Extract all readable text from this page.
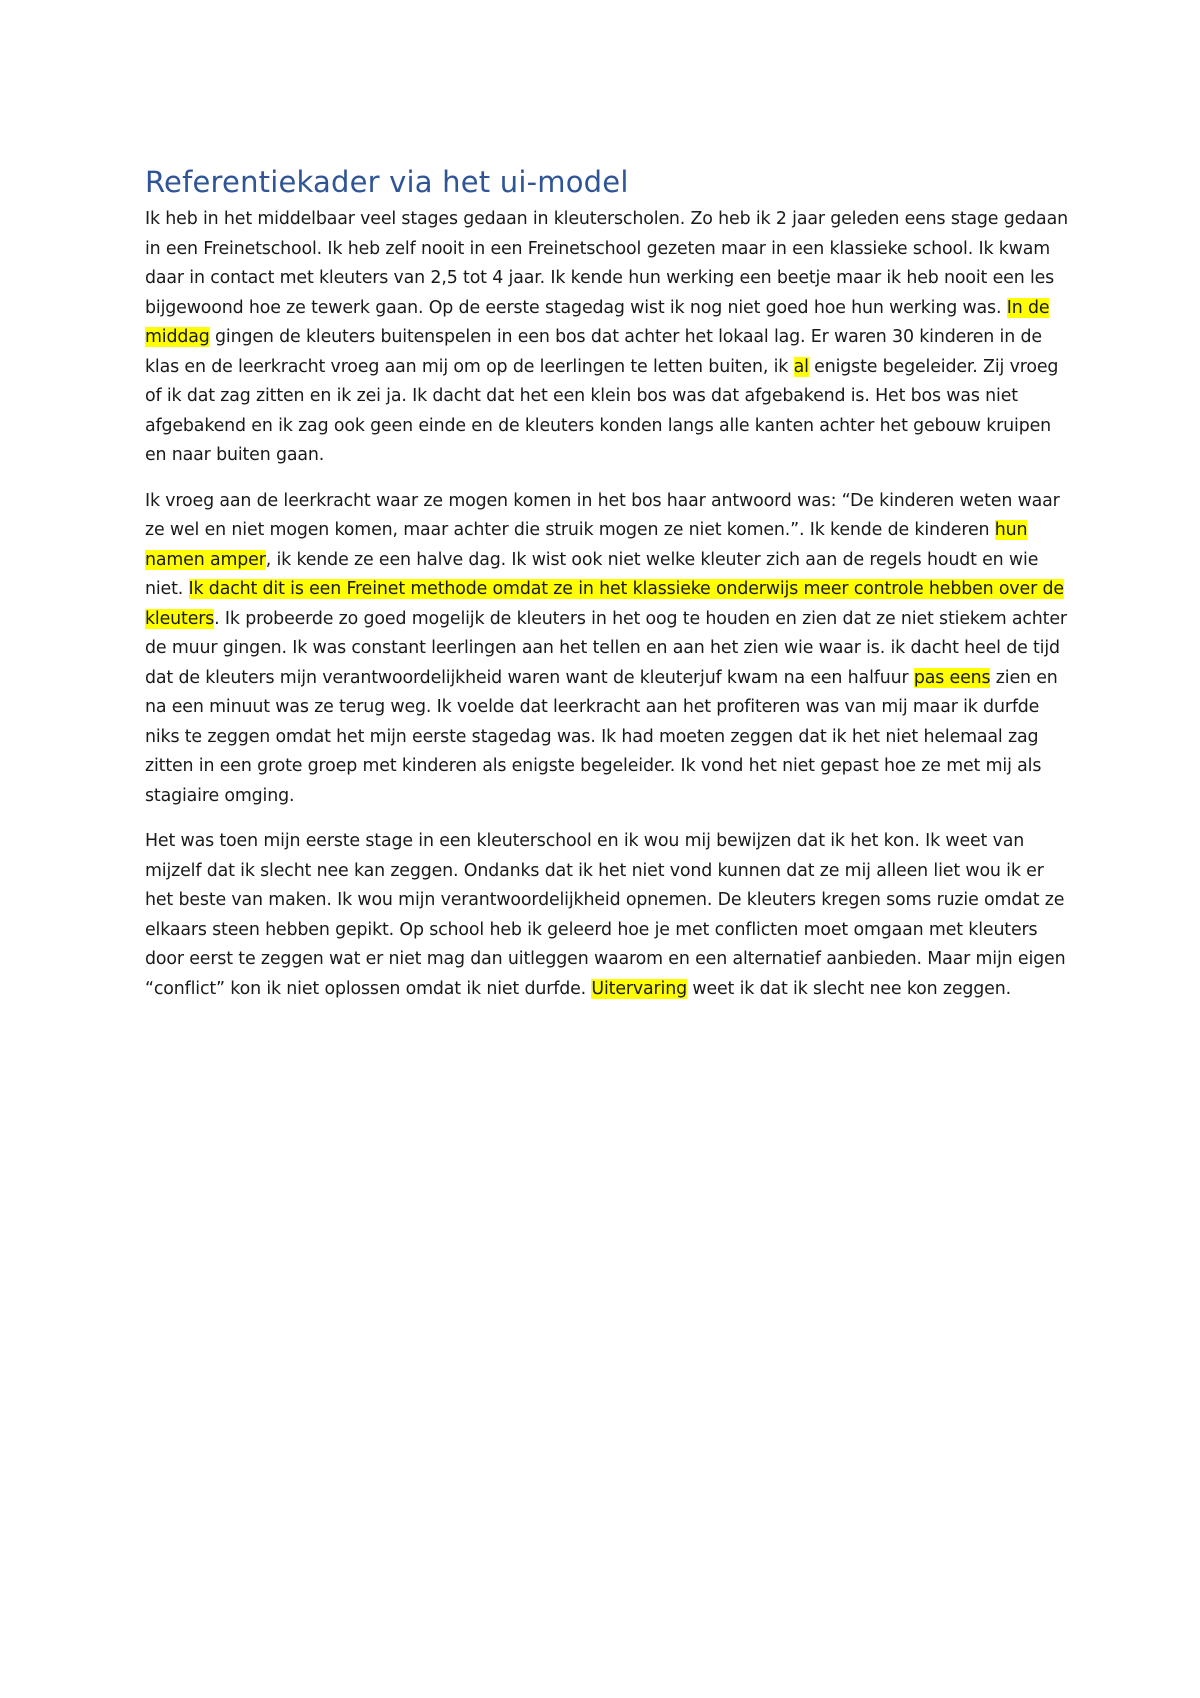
Referentiekader via het ui-model

Ik heb in het middelbaar veel stages gedaan in kleuterscholen. Zo heb ik 2 jaar geleden eens stage gedaan in een Freinetschool. Ik heb zelf nooit in een Freinetschool gezeten maar in een klassieke school. Ik kwam daar in contact met kleuters van 2,5 tot 4 jaar. Ik kende hun werking een beetje maar ik heb nooit een les bijgewoond hoe ze tewerk gaan. Op de eerste stagedag wist ik nog niet goed hoe hun werking was. In de middag gingen de kleuters buitenspelen in een bos dat achter het lokaal lag. Er waren 30 kinderen in de klas en de leerkracht vroeg aan mij om op de leerlingen te letten buiten, ik al enigste begeleider. Zij vroeg of ik dat zag zitten en ik zei ja. Ik dacht dat het een klein bos was dat afgebakend is. Het bos was niet afgebakend en ik zag ook geen einde en de kleuters konden langs alle kanten achter het gebouw kruipen en naar buiten gaan.

Ik vroeg aan de leerkracht waar ze mogen komen in het bos haar antwoord was: “De kinderen weten waar ze wel en niet mogen komen, maar achter die struik mogen ze niet komen.”. Ik kende de kinderen hun namen amper, ik kende ze een halve dag. Ik wist ook niet welke kleuter zich aan de regels houdt en wie niet. Ik dacht dit is een Freinet methode omdat ze in het klassieke onderwijs meer controle hebben over de kleuters. Ik probeerde zo goed mogelijk de kleuters in het oog te houden en zien dat ze niet stiekem achter de muur gingen. Ik was constant leerlingen aan het tellen en aan het zien wie waar is. ik dacht heel de tijd dat de kleuters mijn verantwoordelijkheid waren want de kleuterjuf kwam na een halfuur pas eens zien en na een minuut was ze terug weg. Ik voelde dat leerkracht aan het profiteren was van mij maar ik durfde niks te zeggen omdat het mijn eerste stagedag was. Ik had moeten zeggen dat ik het niet helemaal zag zitten in een grote groep met kinderen als enigste begeleider. Ik vond het niet gepast hoe ze met mij als stagiaire omging.

Het was toen mijn eerste stage in een kleuterschool en ik wou mij bewijzen dat ik het kon. Ik weet van mijzelf dat ik slecht nee kan zeggen. Ondanks dat ik het niet vond kunnen dat ze mij alleen liet wou ik er het beste van maken. Ik wou mijn verantwoordelijkheid opnemen. De kleuters kregen soms ruzie omdat ze elkaars steen hebben gepikt. Op school heb ik geleerd hoe je met conflicten moet omgaan met kleuters door eerst te zeggen wat er niet mag dan uitleggen waarom en een alternatief aanbieden. Maar mijn eigen “conflict” kon ik niet oplossen omdat ik niet durfde. Uitervaring weet ik dat ik slecht nee kon zeggen.
